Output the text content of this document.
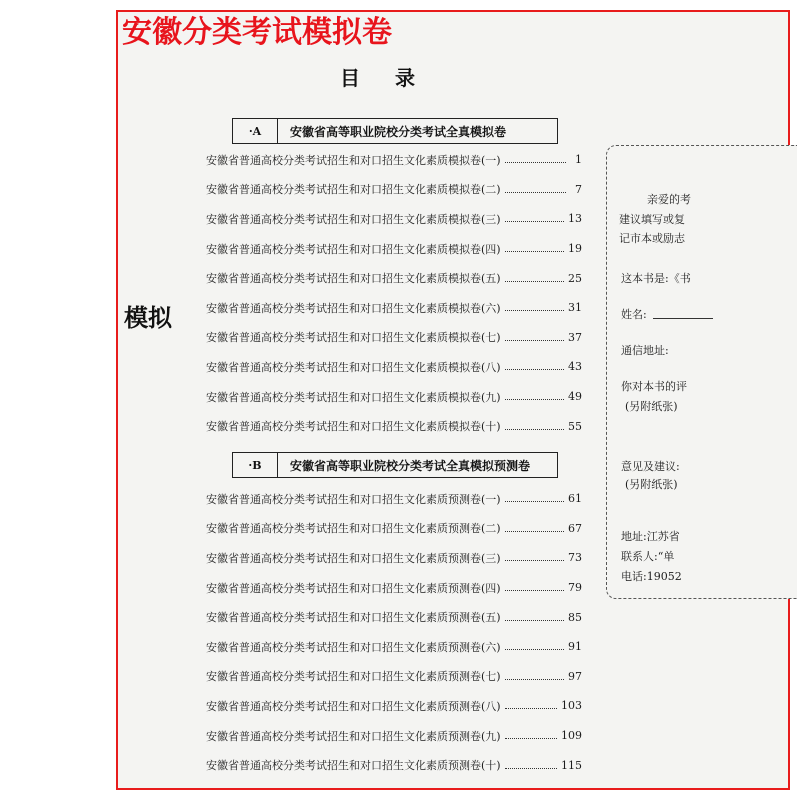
安徽分类考试模拟卷
目 录
模拟
·A	安徽省高等职业院校分类考试全真模拟卷
安徽省普通高校分类考试招生和对口招生文化素质模拟卷(一)	1
安徽省普通高校分类考试招生和对口招生文化素质模拟卷(二)	7
安徽省普通高校分类考试招生和对口招生文化素质模拟卷(三)	13
安徽省普通高校分类考试招生和对口招生文化素质模拟卷(四)	19
安徽省普通高校分类考试招生和对口招生文化素质模拟卷(五)	25
安徽省普通高校分类考试招生和对口招生文化素质模拟卷(六)	31
安徽省普通高校分类考试招生和对口招生文化素质模拟卷(七)	37
安徽省普通高校分类考试招生和对口招生文化素质模拟卷(八)	43
安徽省普通高校分类考试招生和对口招生文化素质模拟卷(九)	49
安徽省普通高校分类考试招生和对口招生文化素质模拟卷(十)	55
·B	安徽省高等职业院校分类考试全真模拟预测卷
安徽省普通高校分类考试招生和对口招生文化素质预测卷(一)	61
安徽省普通高校分类考试招生和对口招生文化素质预测卷(二)	67
安徽省普通高校分类考试招生和对口招生文化素质预测卷(三)	73
安徽省普通高校分类考试招生和对口招生文化素质预测卷(四)	79
安徽省普通高校分类考试招生和对口招生文化素质预测卷(五)	85
安徽省普通高校分类考试招生和对口招生文化素质预测卷(六)	91
安徽省普通高校分类考试招生和对口招生文化素质预测卷(七)	97
安徽省普通高校分类考试招生和对口招生文化素质预测卷(八)	103
安徽省普通高校分类考试招生和对口招生文化素质预测卷(九)	109
安徽省普通高校分类考试招生和对口招生文化素质预测卷(十)	115
亲爱的考
建议填写或复
记市本或励志
这本书是:《书
姓名:
通信地址:
你对本书的评
(另附纸张)
意见及建议:
(另附纸张)
地址:江苏省
联系人:“单
电话:19052
